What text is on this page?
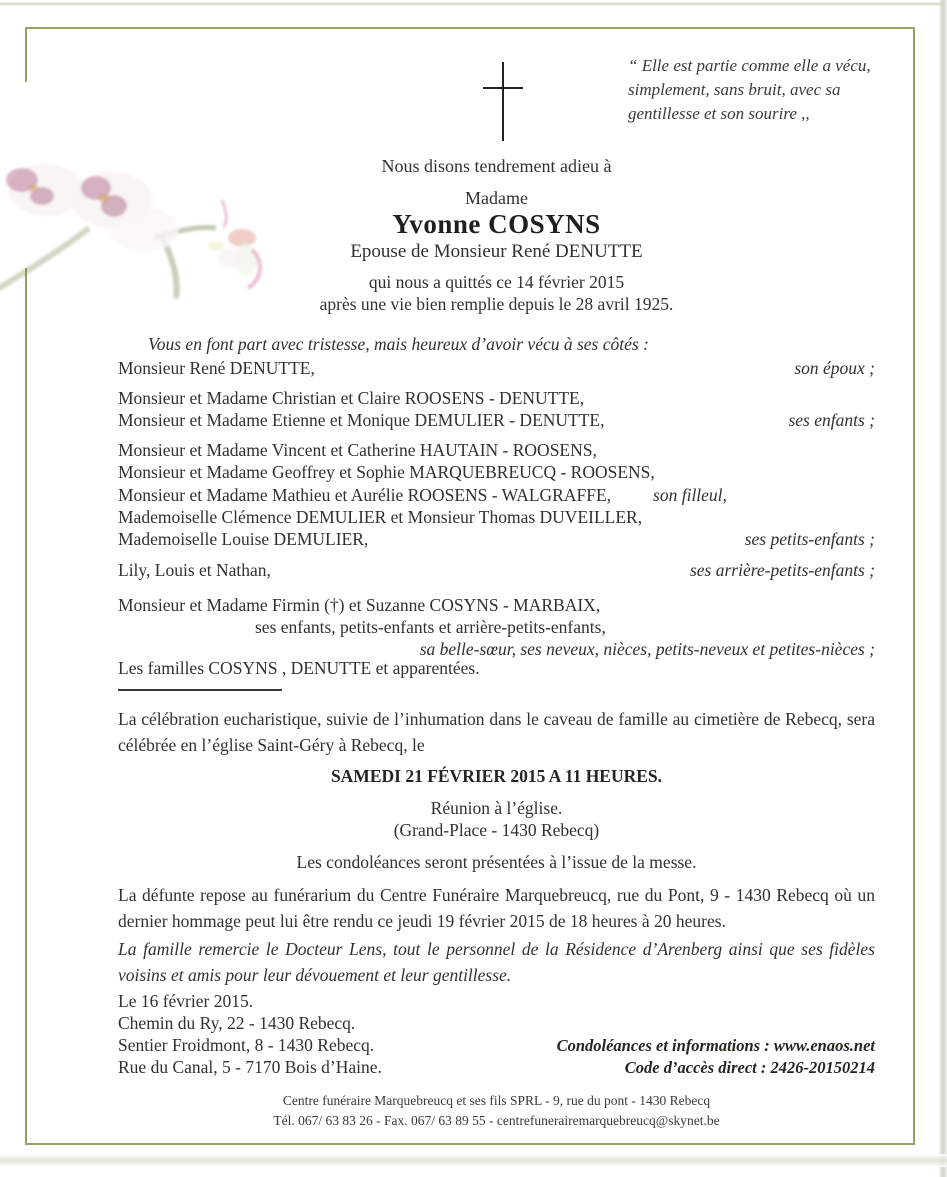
“ Elle est partie comme elle a vécu,
simplement, sans bruit, avec sa
gentillesse et son sourire ,,
Nous disons tendrement adieu à
Madame
Yvonne COSYNS
Epouse de Monsieur René DENUTTE
qui nous a quittés ce 14 février 2015
après une vie bien remplie depuis le 28 avril 1925.
Vous en font part avec tristesse, mais heureux d’avoir vécu à ses côtés :
Monsieur René DENUTTE,	son époux ;
Monsieur et Madame Christian et Claire ROOSENS - DENUTTE,
Monsieur et Madame Etienne et Monique DEMULIER - DENUTTE,	ses enfants ;
Monsieur et Madame Vincent et Catherine HAUTAIN - ROOSENS,
Monsieur et Madame Geoffrey et Sophie MARQUEBREUCQ - ROOSENS,
Monsieur et Madame Mathieu et Aurélie ROOSENS - WALGRAFFE, son filleul,
Mademoiselle Clémence DEMULIER et Monsieur Thomas DUVEILLER,
Mademoiselle Louise DEMULIER,	ses petits-enfants ;
Lily, Louis et Nathan,	ses arrière-petits-enfants ;
Monsieur et Madame Firmin (†) et Suzanne COSYNS - MARBAIX,
ses enfants, petits-enfants et arrière-petits-enfants,
sa belle-sœur, ses neveux, nièces, petits-neveux et petites-nièces ;
Les familles COSYNS , DENUTTE et apparentées.
La célébration eucharistique, suivie de l’inhumation dans le caveau de famille au cimetière de Rebecq, sera célébrée en l’église Saint-Géry à Rebecq, le
SAMEDI 21 FÉVRIER 2015 A 11 HEURES.
Réunion à l’église.
(Grand-Place - 1430 Rebecq)
Les condoléances seront présentées à l’issue de la messe.
La défunte repose au funérarium du Centre Funéraire Marquebreucq, rue du Pont, 9 - 1430 Rebecq où un dernier hommage peut lui être rendu ce jeudi 19 février 2015 de 18 heures à 20 heures.
La famille remercie le Docteur Lens, tout le personnel de la Résidence d’Arenberg ainsi que ses fidèles voisins et amis pour leur dévouement et leur gentillesse.
Le 16 février 2015.
Chemin du Ry, 22 - 1430 Rebecq.
Sentier Froidmont, 8 - 1430 Rebecq.	Condoléances et informations : www.enaos.net
Rue du Canal, 5 - 7170 Bois d’Haine.	Code d’accès direct : 2426-20150214
Centre funéraire Marquebreucq et ses fils SPRL - 9, rue du pont - 1430 Rebecq
Tél. 067/ 63 83 26 - Fax. 067/ 63 89 55 - centrefunerairemarquebreucq@skynet.be
